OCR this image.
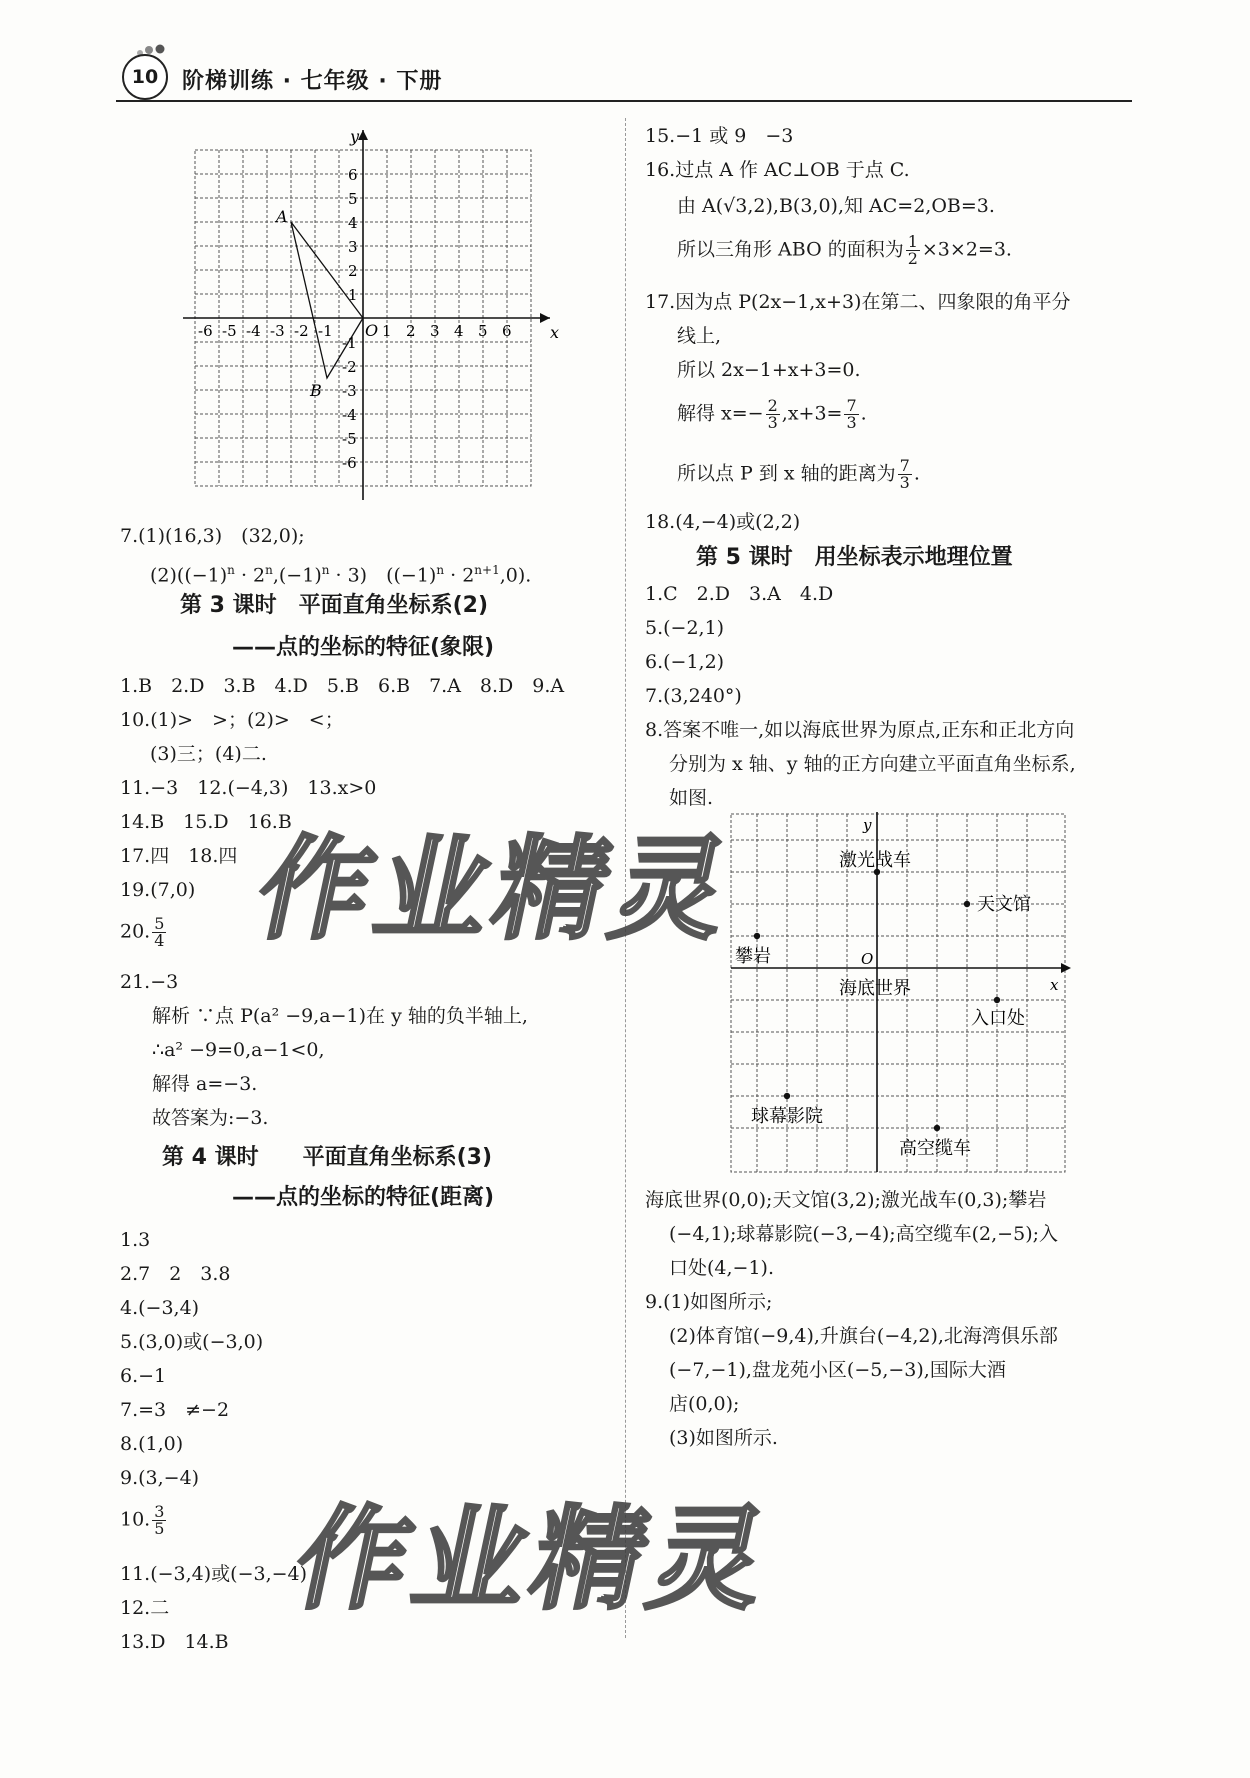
10	阶梯训练 · 七年级 · 下册
y
x
O
A
B
-6 -5 -4 -3 -2 -1	1 2 3 4 5 6
6
5
4
3
2
1
-1
-2
-3
-4
-5
-6
7.(1)(16,3)　(32,0);
$(2)((-1)^n \cdot 2^n,(-1)^n \cdot 3)$　$((-1)^n \cdot 2^{n+1},0)$.
第 3 课时　平面直角坐标系(2)
——点的坐标的特征(象限)
1.B　2.D　3.B　4.D　5.B　6.B　7.A　8.D　9.A
10.(1)>　>；(2)>　<；
(3)三；(4)二.
11.−3　12.(−4,3)　13.x>0
14.B　15.D　16.B
17.四　18.四
19.(7,0)
20. $\frac{5}{4}$
21.−3
解析 ∵点 P(a² −9,a−1)在 y 轴的负半轴上,
∴a² −9=0,a−1<0,
解得 a=−3.
故答案为:−3.
第 4 课时　　平面直角坐标系(3)
——点的坐标的特征(距离)
1.3
2.7　2　3.8
4.(−3,4)
5.(3,0)或(−3,0)
6.−1
7.=3　≠−2
8.(1,0)
9.(3,−4)
10. $\frac{3}{5}$
11.(−3,4)或(−3,−4)
12.二
13.D　14.B
15.−1 或 9　−3
16.过点 A 作 AC⊥OB 于点 C.
由 A(√3,2),B(3,0),知 AC=2,OB=3.
所以三角形 ABO 的面积为 $\frac{1}{2} \times 3\times 2=3$.
17.因为点 P(2x−1,x+3)在第二、四象限的角平分
线上,
所以 2x−1+x+3=0.
解得 $x=- \frac{2}{3} ,x+3= \frac{7}{3}$ .
所以点 P 到 x 轴的距离为 $\frac{7}{3}$ .
18.(4,−4)或(2,2)
第 5 课时　用坐标表示地理位置
1.C　2.D　3.A　4.D
5.(−2,1)
6.(−1,2)
7.(3,240°)
8.答案不唯一,如以海底世界为原点,正东和正北方向
分别为 x 轴、y 轴的正方向建立平面直角坐标系,
如图.
y
x
O
激光战车
天文馆
攀岩
海底世界
入口处
球幕影院
高空缆车
海底世界(0,0);天文馆(3,2);激光战车(0,3);攀岩
(−4,1);球幕影院(−3,−4);高空缆车(2,−5);入
口处(4,−1).
9.(1)如图所示;
(2)体育馆(−9,4),升旗台(−4,2),北海湾俱乐部
(−7,−1),盘龙苑小区(−5,−3),国际大酒
店(0,0);
(3)如图所示.
作业精灵
作业精灵
